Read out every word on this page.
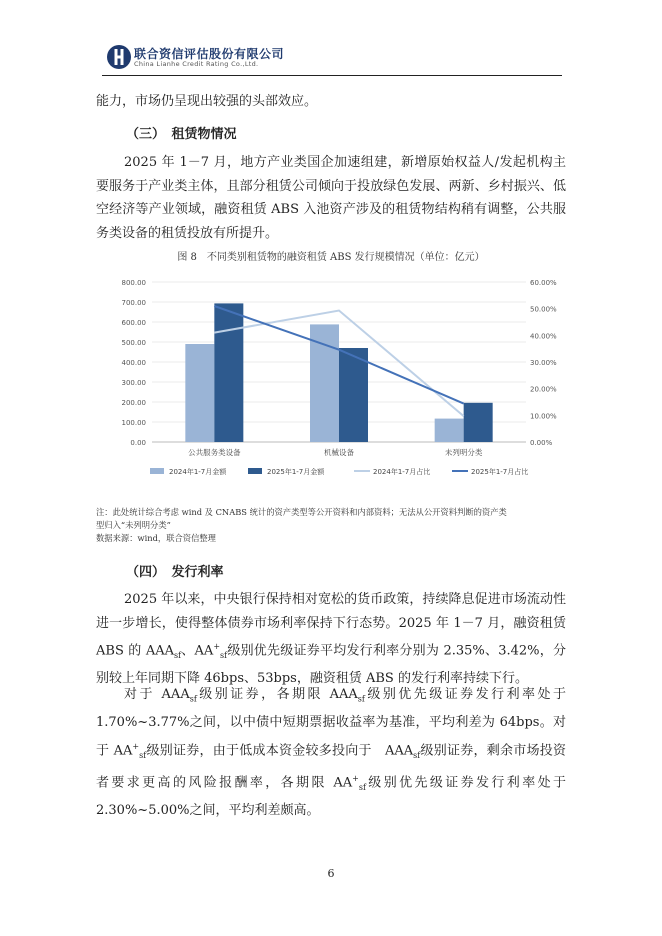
联合资信评估股份有限公司
China Lianhe Credit Rating Co.,Ltd.
能力，市场仍呈现出较强的头部效应。
（三）  租赁物情况
2025 年 1－7 月，地方产业类国企加速组建，新增原始权益人/发起机构主要服务于产业类主体，且部分租赁公司倾向于投放绿色发展、两新、乡村振兴、低空经济等产业领域，融资租赁 ABS 入池资产涉及的租赁物结构稍有调整，公共服务类设备的租赁投放有所提升。
图 8　不同类别租赁物的融资租赁 ABS 发行规模情况（单位：亿元）
0.00
100.00
200.00
300.00
400.00
500.00
600.00
700.00
800.00
0.00%
10.00%
20.00%
30.00%
40.00%
50.00%
60.00%
公共服务类设备	机械设备	未列明分类
2024年1-7月金额	2025年1-7月金额	2024年1-7月占比	2025年1-7月占比
注：此处统计综合考虑 wind 及 CNABS 统计的资产类型等公开资料和内部资料；无法从公开资料判断的资产类
型归入“未列明分类”
数据来源：wind，联合资信整理
（四）  发行利率
2025 年以来，中央银行保持相对宽松的货币政策，持续降息促进市场流动性进一步增长，使得整体债券市场利率保持下行态势。2025 年 1－7 月，融资租赁 ABS 的 $AAA_{sf}$、$AA^+_{sf}$级别优先级证券平均发行利率分别为 2.35%、3.42%，分别较上年同期下降 46bps、53bps，融资租赁 ABS 的发行利率持续下行。
对于 $AAA_{sf}$级别证券，各期限 $AAA_{sf}$级别优先级证券发行利率处于 1.70%~3.77%之间，以中债中短期票据收益率为基准，平均利差为 64bps。对于 $AA^+_{sf}$级别证券，由于低成本资金较多投向于　$AAA_{sf}$级别证券，剩余市场投资者要求更高的风险报酬率，各期限 $AA^+_{sf}$级别优先级证券发行利率处于 2.30%~5.00%之间，平均利差颇高。
6
